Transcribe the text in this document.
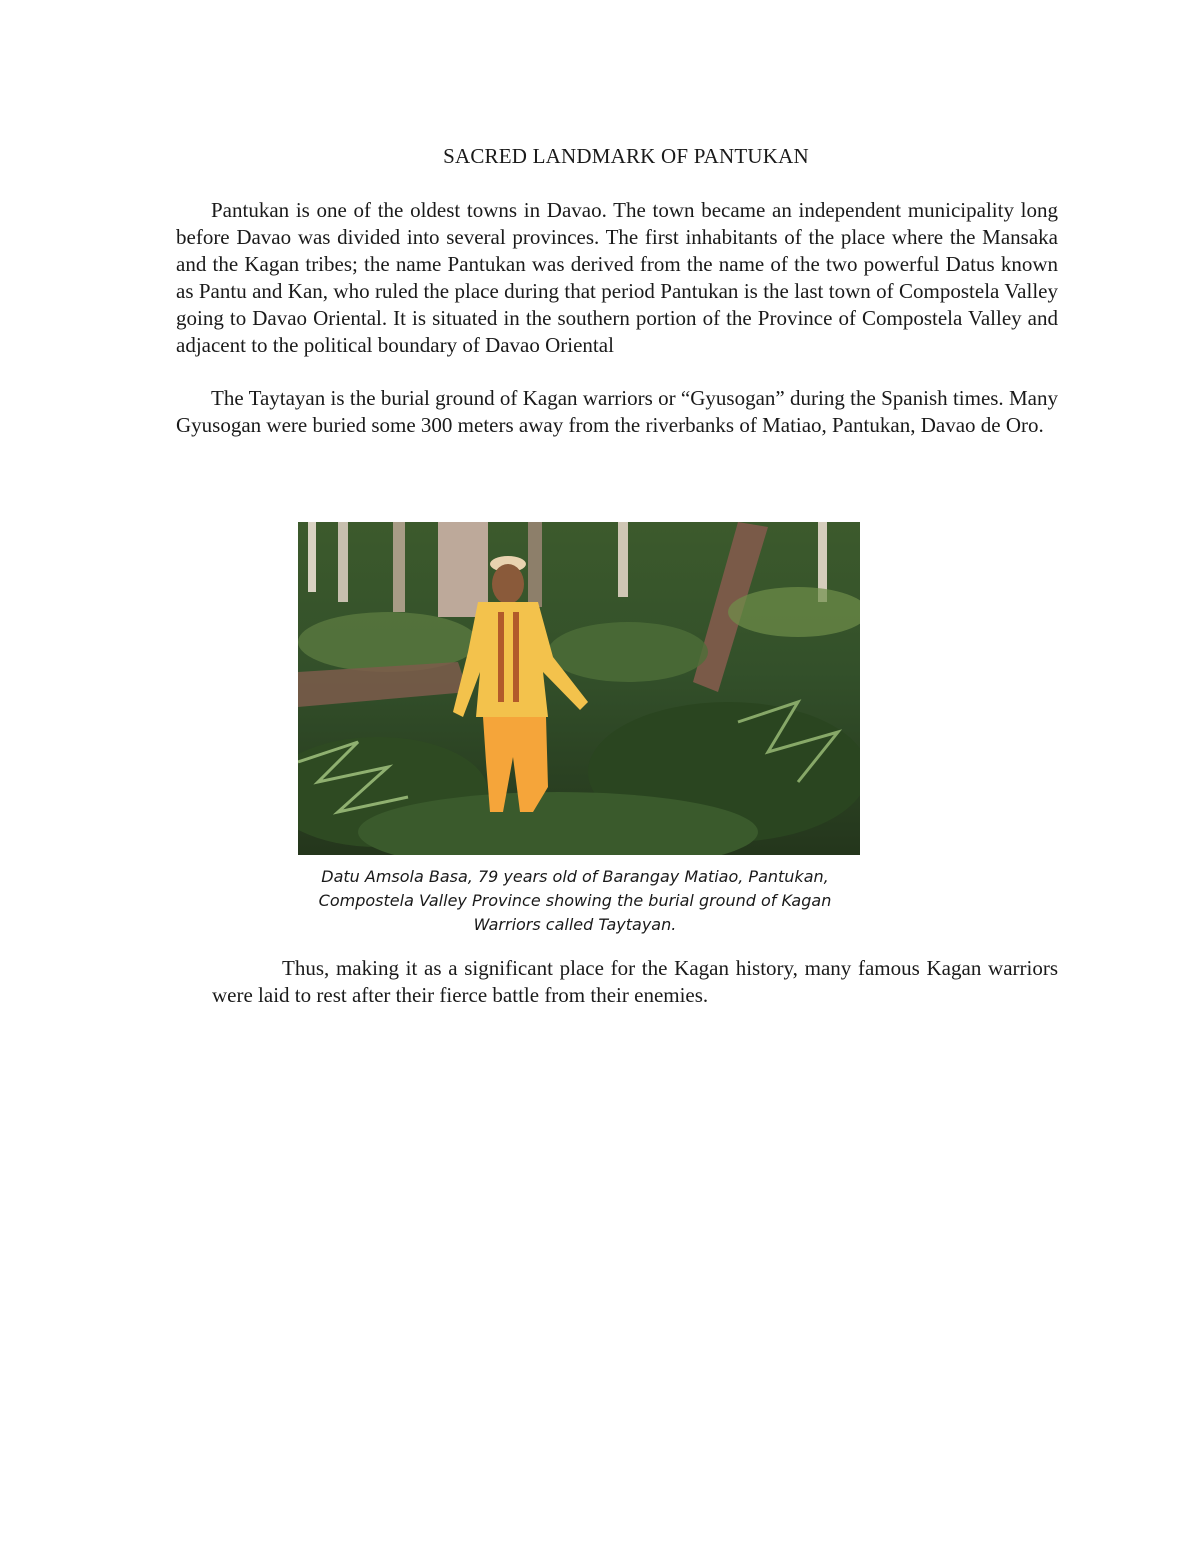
SACRED LANDMARK OF PANTUKAN

Pantukan is one of the oldest towns in Davao. The town became an independent municipality long before Davao was divided into several provinces. The first inhabitants of the place where the Mansaka and the Kagan tribes; the name Pantukan was derived from the name of the two powerful Datus known as Pantu and Kan, who ruled the place during that period Pantukan is the last town of Compostela Valley going to Davao Oriental. It is situated in the southern portion of the Province of Compostela Valley and adjacent to the political boundary of Davao Oriental

The Taytayan is the burial ground of Kagan warriors or “Gyusogan” during the Spanish times. Many Gyusogan were buried some 300 meters away from the riverbanks of Matiao, Pantukan, Davao de Oro.

Datu Amsola Basa, 79 years old of Barangay Matiao, Pantukan,
Compostela Valley Province showing the burial ground of Kagan
Warriors called Taytayan.

Thus, making it as a significant place for the Kagan history, many famous Kagan warriors were laid to rest after their fierce battle from their enemies.
